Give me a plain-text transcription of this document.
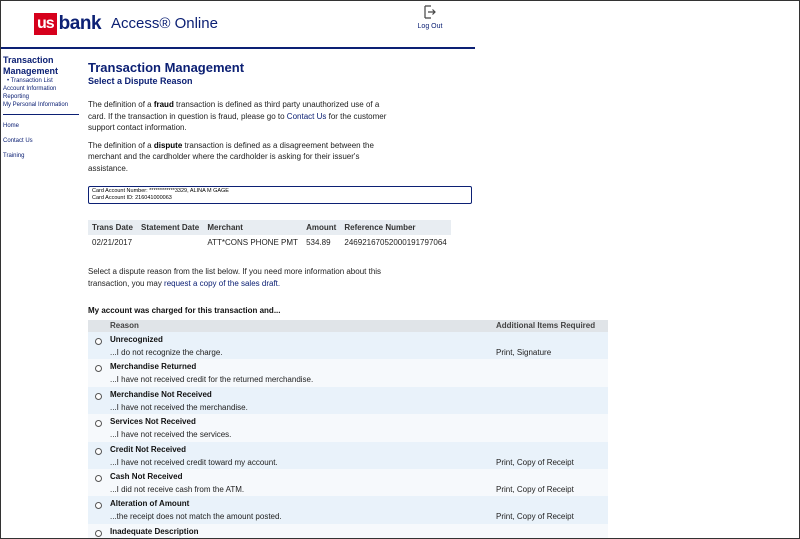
us bank Access® Online	Log Out
Transaction
Management
• Transaction List
Account Information
Reporting
My Personal Information
Home
Contact Us
Training
Transaction Management
Select a Dispute Reason
The definition of a fraud transaction is defined as third party unauthorized use of a card. If the transaction in question is fraud, please go to Contact Us for the customer support contact information.
The definition of a dispute transaction is defined as a disagreement between the merchant and the cardholder where the cardholder is asking for their issuer's assistance.
Card Account Number: ************3329, ALINA M GAGE
Card Account ID: 216041000063
Trans Date	Statement Date	Merchant	Amount	Reference Number
02/21/2017		ATT*CONS PHONE PMT	534.89	24692167052000191797064
Select a dispute reason from the list below. If you need more information about this transaction, you may request a copy of the sales draft.
My account was charged for this transaction and...
Reason	Additional Items Required
Unrecognized
...I do not recognize the charge.	Print, Signature
Merchandise Returned
...I have not received credit for the returned merchandise.
Merchandise Not Received
...I have not received the merchandise.
Services Not Received
...I have not received the services.
Credit Not Received
...I have not received credit toward my account.	Print, Copy of Receipt
Cash Not Received
...I did not receive cash from the ATM.	Print, Copy of Receipt
Alteration of Amount
...the receipt does not match the amount posted.	Print, Copy of Receipt
Inadequate Description
